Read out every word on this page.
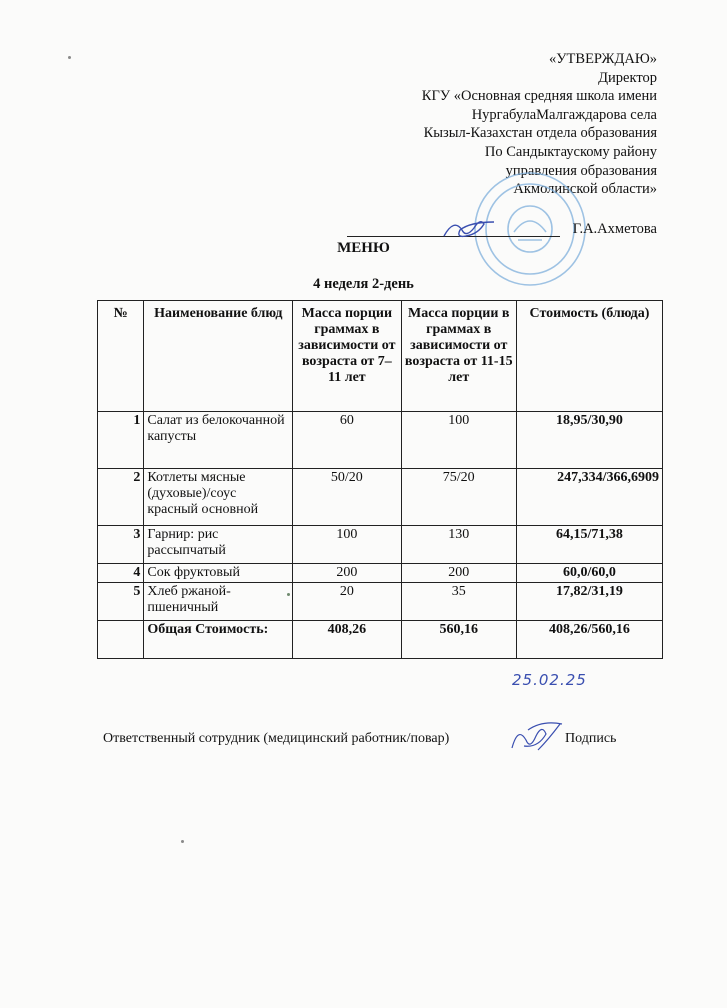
«УТВЕРЖДАЮ»
Директор
КГУ «Основная средняя школа имени
НургабулаМалгаждарова села
Кызыл-Казахстан отдела образования
По Сандыктаускому району
управления образования
Акмолинской области»
Г.А.Ахметова
МЕНЮ
4 неделя 2-день
№	Наименование блюд	Масса порции граммах в зависимости от возраста от 7–11 лет	Масса порции в граммах в зависимости от возраста от 11-15 лет	Стоимость (блюда)
1	Салат из белокочанной капусты	60	100	18,95/30,90
2	Котлеты мясные (духовые)/соус красный основной	50/20	75/20	247,334/366,6909
3	Гарнир: рис рассыпчатый	100	130	64,15/71,38
4	Сок фруктовый	200	200	60,0/60,0
5	Хлеб ржаной-пшеничный	20	35	17,82/31,19
	Общая Стоимость:	408,26	560,16	408,26/560,16
25.02.25
Ответственный сотрудник (медицинский работник/повар)	Подпись
